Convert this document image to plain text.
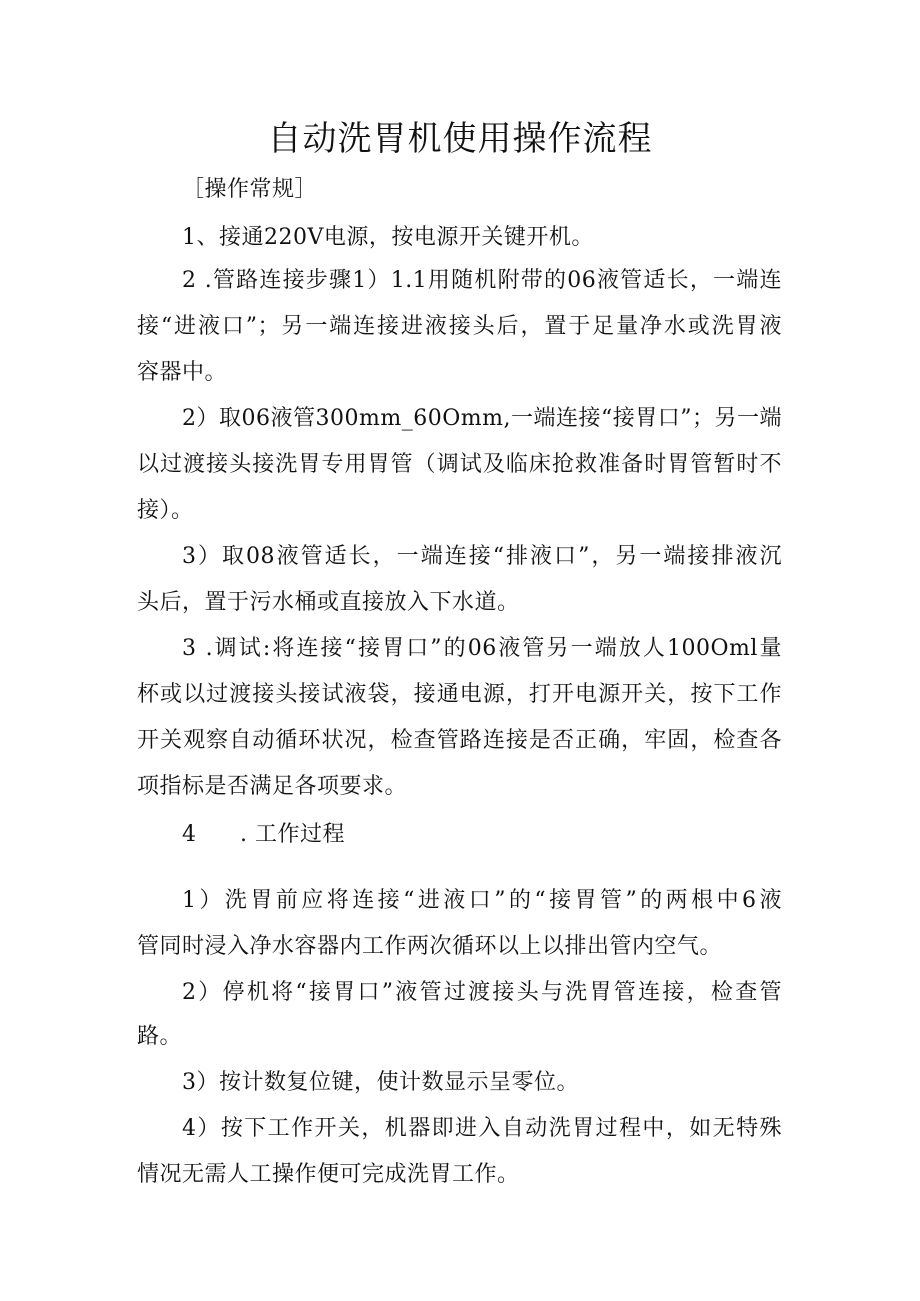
自动洗胃机使用操作流程
［操作常规］
1、接通220V电源，按电源开关键开机。
2 .管路连接步骤1）1.1用随机附带的06液管适长，一端连
接“进液口”；另一端连接进液接头后，置于足量净水或洗胃液
容器中。
2）取06液管300mm_60Omm,一端连接“接胃口”；另一端
以过渡接头接洗胃专用胃管（调试及临床抢救准备时胃管暂时不
接）。
3）取08液管适长，一端连接“排液口”，另一端接排液沉
头后，置于污水桶或直接放入下水道。
3 .调试:将连接“接胃口”的06液管另一端放人100Oml量
杯或以过渡接头接试液袋，接通电源，打开电源开关，按下工作
开关观察自动循环状况，检查管路连接是否正确，牢固，检查各
项指标是否满足各项要求。
4 . 工作过程
1）洗胃前应将连接“进液口”的“接胃管”的两根中6液
管同时浸入净水容器内工作两次循环以上以排出管内空气。
2）停机将“接胃口”液管过渡接头与洗胃管连接，检查管
路。
3）按计数复位键，使计数显示呈零位。
4）按下工作开关，机器即进入自动洗胃过程中，如无特殊
情况无需人工操作便可完成洗胃工作。
